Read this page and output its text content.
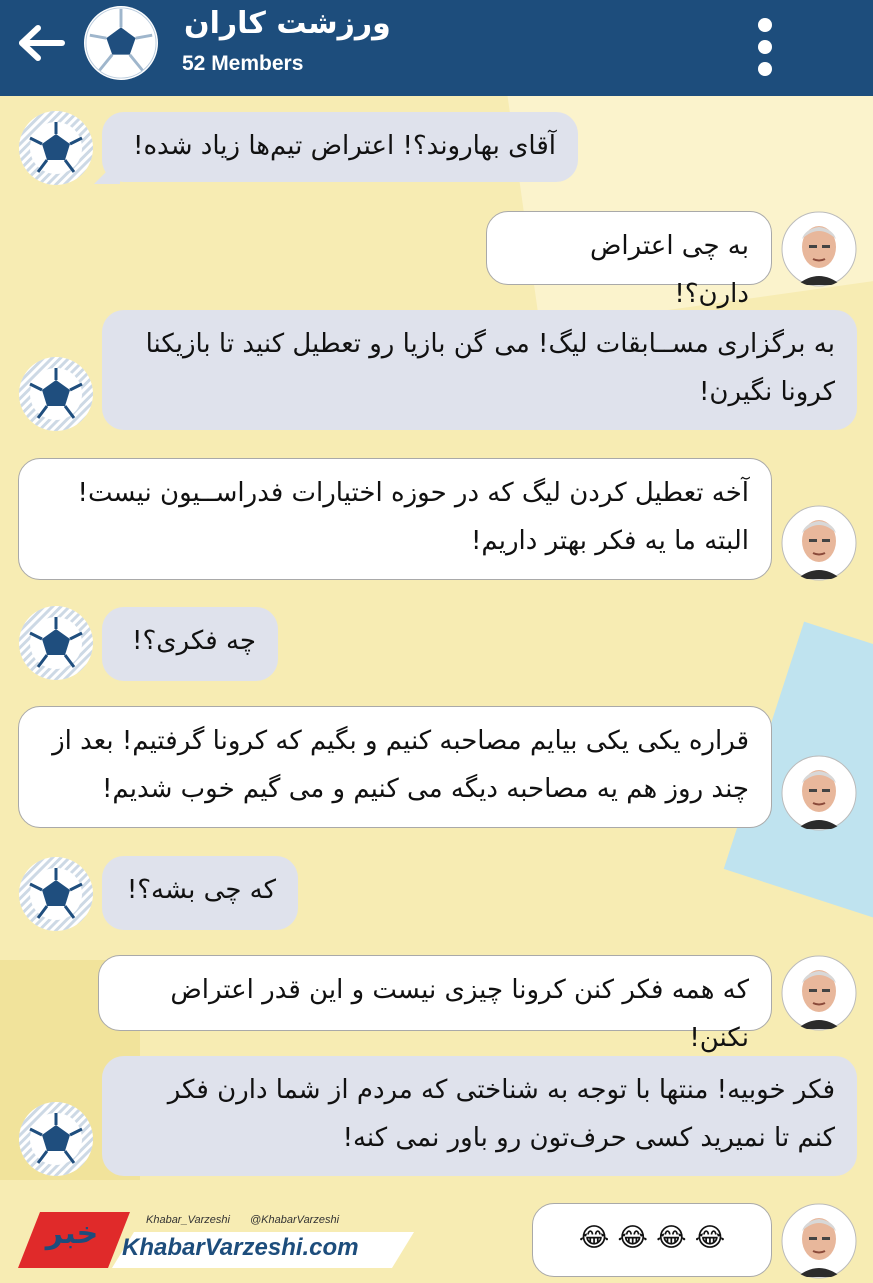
ورزشت کاران
52 Members
آقای بهاروند؟! اعتراض تیم‌ها زیاد شده!
به چی اعتراض دارن؟!
به برگزاری مســابقات لیگ! می گن بازیا رو تعطیل کنید تا بازیکنا کرونا نگیرن!
آخه تعطیل کردن لیگ که در حوزه اختیارات فدراســیون نیست! البته ما یه فکر بهتر داریم!
چه فکری؟!
قراره یکی یکی بیایم مصاحبه کنیم و بگیم که کرونا گرفتیم! بعد از چند روز هم یه مصاحبه دیگه می کنیم و می گیم خوب شدیم!
که چی بشه؟!
که همه فکر کنن کرونا چیزی نیست و این قدر اعتراض نکنن!
فکر خوبیه! منتها با توجه به شناختی که مردم از شما دارن فکر کنم تا نمیرید کسی حرف‌تون رو باور نمی کنه!
😂 😂 😂 😂
خبر	Khabar_Varzeshi @KhabarVarzeshi
KhabarVarzeshi.com
